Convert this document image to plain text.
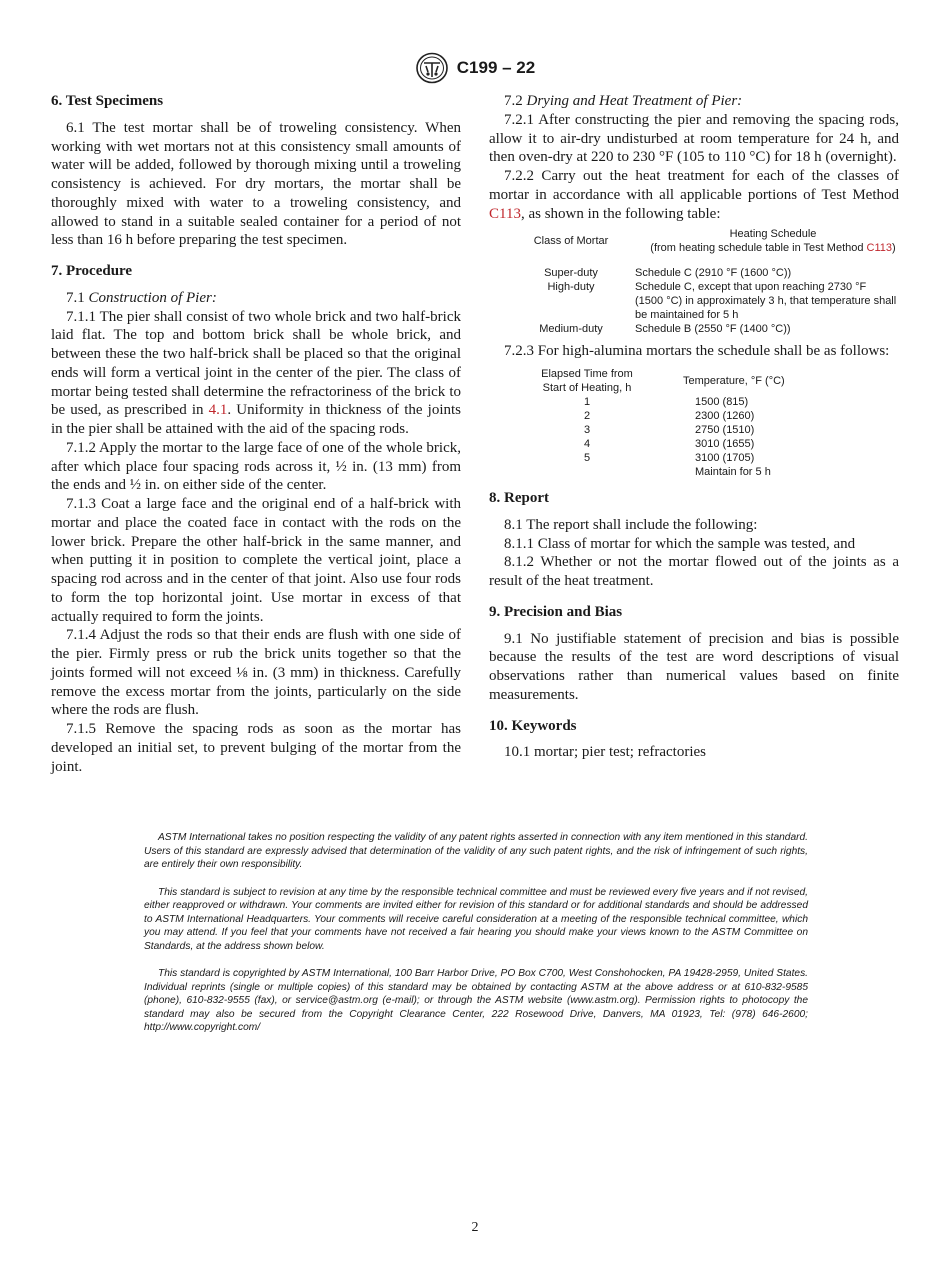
C199 – 22
6. Test Specimens

6.1 The test mortar shall be of troweling consistency. When working with wet mortars not at this consistency small amounts of water will be added, followed by thorough mixing until a troweling consistency is achieved. For dry mortars, the mortar shall be thoroughly mixed with water to a troweling consistency, and allowed to stand in a suitable sealed container for a period of not less than 16 h before preparing the test specimen.

7. Procedure

7.1 Construction of Pier:

7.1.1 The pier shall consist of two whole brick and two half-brick laid flat. The top and bottom brick shall be whole brick, and between these the two half-brick shall be placed so that the original ends will form a vertical joint in the center of the pier. The class of mortar being tested shall determine the refractoriness of the brick to be used, as prescribed in 4.1. Uniformity in thickness of the joints in the pier shall be attained with the aid of the spacing rods.

7.1.2 Apply the mortar to the large face of one of the whole brick, after which place four spacing rods across it, ½ in. (13 mm) from the ends and ½ in. on either side of the center.

7.1.3 Coat a large face and the original end of a half-brick with mortar and place the coated face in contact with the rods on the lower brick. Prepare the other half-brick in the same manner, and when putting it in position to complete the vertical joint, place a spacing rod across and in the center of that joint. Also use four rods to form the top horizontal joint. Use mortar in excess of that actually required to form the joints.

7.1.4 Adjust the rods so that their ends are flush with one side of the pier. Firmly press or rub the brick units together so that the joints formed will not exceed ⅛ in. (3 mm) in thickness. Carefully remove the excess mortar from the joints, particularly on the side where the rods are flush.

7.1.5 Remove the spacing rods as soon as the mortar has developed an initial set, to prevent bulging of the mortar from the joint.

7.2 Drying and Heat Treatment of Pier:

7.2.1 After constructing the pier and removing the spacing rods, allow it to air-dry undisturbed at room temperature for 24 h, and then oven-dry at 220 to 230 °F (105 to 110 °C) for 18 h (overnight).

7.2.2 Carry out the heat treatment for each of the classes of mortar in accordance with all applicable portions of Test Method C113, as shown in the following table:

Class of Mortar	Heating Schedule
(from heating schedule table in Test Method C113)

Super-duty	Schedule C (2910 °F (1600 °C))
High-duty	Schedule C, except that upon reaching 2730 °F (1500 °C) in approximately 3 h, that temperature shall be maintained for 5 h
Medium-duty	Schedule B (2550 °F (1400 °C))

7.2.3 For high-alumina mortars the schedule shall be as follows:

Elapsed Time from
Start of Heating, h	Temperature, °F (°C)
1	1500 (815)
2	2300 (1260)
3	2750 (1510)
4	3010 (1655)
5	3100 (1705)
	Maintain for 5 h
8. Report

8.1 The report shall include the following:

8.1.1 Class of mortar for which the sample was tested, and

8.1.2 Whether or not the mortar flowed out of the joints as a result of the heat treatment.

9. Precision and Bias

9.1 No justifiable statement of precision and bias is possible because the results of the test are word descriptions of visual observations rather than numerical values based on finite measurements.

10. Keywords

10.1 mortar; pier test; refractories

ASTM International takes no position respecting the validity of any patent rights asserted in connection with any item mentioned in this standard. Users of this standard are expressly advised that determination of the validity of any such patent rights, and the risk of infringement of such rights, are entirely their own responsibility.

This standard is subject to revision at any time by the responsible technical committee and must be reviewed every five years and if not revised, either reapproved or withdrawn. Your comments are invited either for revision of this standard or for additional standards and should be addressed to ASTM International Headquarters. Your comments will receive careful consideration at a meeting of the responsible technical committee, which you may attend. If you feel that your comments have not received a fair hearing you should make your views known to the ASTM Committee on Standards, at the address shown below.

This standard is copyrighted by ASTM International, 100 Barr Harbor Drive, PO Box C700, West Conshohocken, PA 19428-2959, United States. Individual reprints (single or multiple copies) of this standard may be obtained by contacting ASTM at the above address or at 610-832-9585 (phone), 610-832-9555 (fax), or service@astm.org (e-mail); or through the ASTM website (www.astm.org). Permission rights to photocopy the standard may also be secured from the Copyright Clearance Center, 222 Rosewood Drive, Danvers, MA 01923, Tel: (978) 646-2600; http://www.copyright.com/

2
